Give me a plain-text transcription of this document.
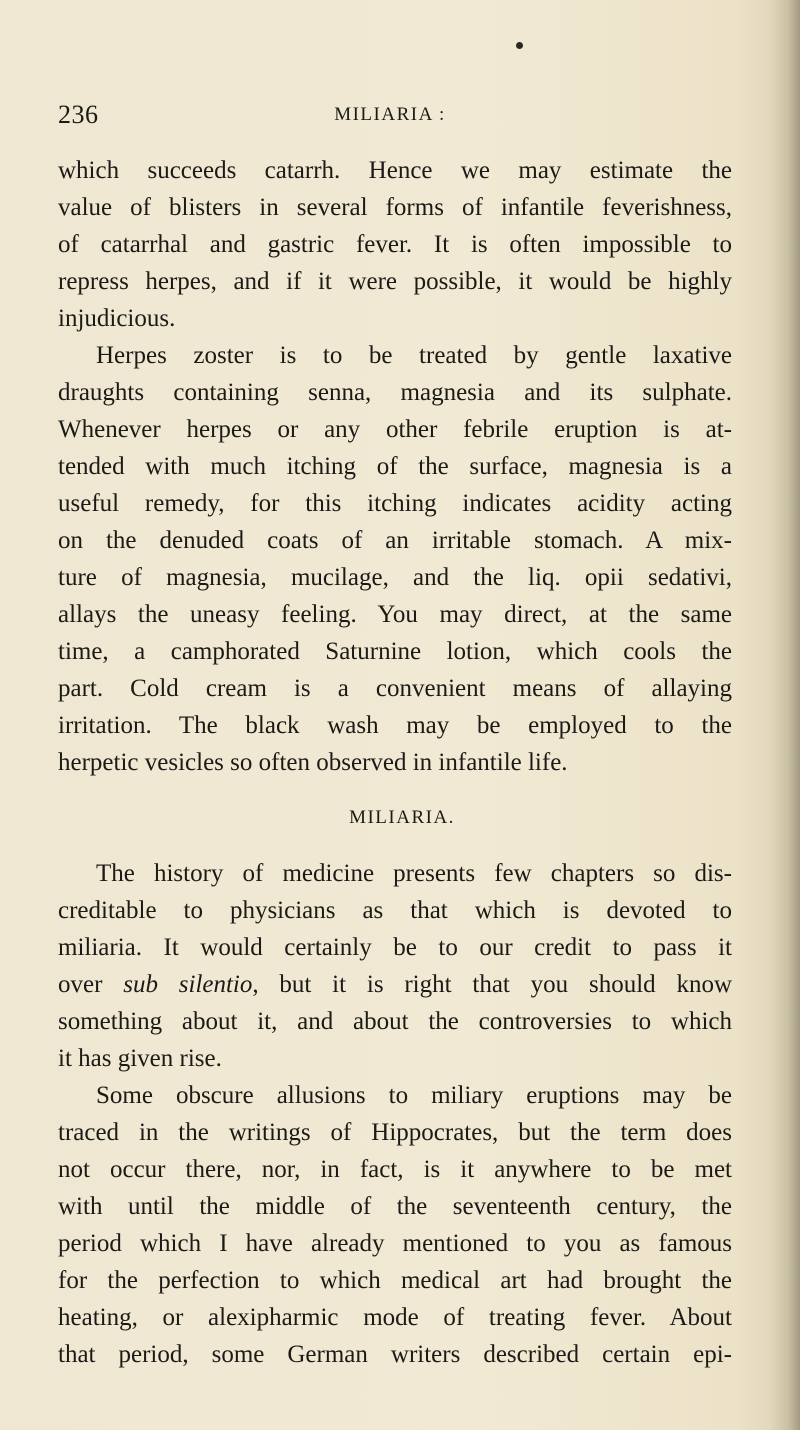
236	MILIARIA :
which succeeds catarrh. Hence we may estimate the
value of blisters in several forms of infantile feverishness,
of catarrhal and gastric fever. It is often impossible to
repress herpes, and if it were possible, it would be highly
injudicious.
Herpes zoster is to be treated by gentle laxative
draughts containing senna, magnesia and its sulphate.
Whenever herpes or any other febrile eruption is at-
tended with much itching of the surface, magnesia is a
useful remedy, for this itching indicates acidity acting
on the denuded coats of an irritable stomach. A mix-
ture of magnesia, mucilage, and the liq. opii sedativi,
allays the uneasy feeling. You may direct, at the same
time, a camphorated Saturnine lotion, which cools the
part. Cold cream is a convenient means of allaying
irritation. The black wash may be employed to the
herpetic vesicles so often observed in infantile life.
MILIARIA.
The history of medicine presents few chapters so dis-
creditable to physicians as that which is devoted to
miliaria. It would certainly be to our credit to pass it
over sub silentio, but it is right that you should know
something about it, and about the controversies to which
it has given rise.
Some obscure allusions to miliary eruptions may be
traced in the writings of Hippocrates, but the term does
not occur there, nor, in fact, is it anywhere to be met
with until the middle of the seventeenth century, the
period which I have already mentioned to you as famous
for the perfection to which medical art had brought the
heating, or alexipharmic mode of treating fever. About
that period, some German writers described certain epi-
